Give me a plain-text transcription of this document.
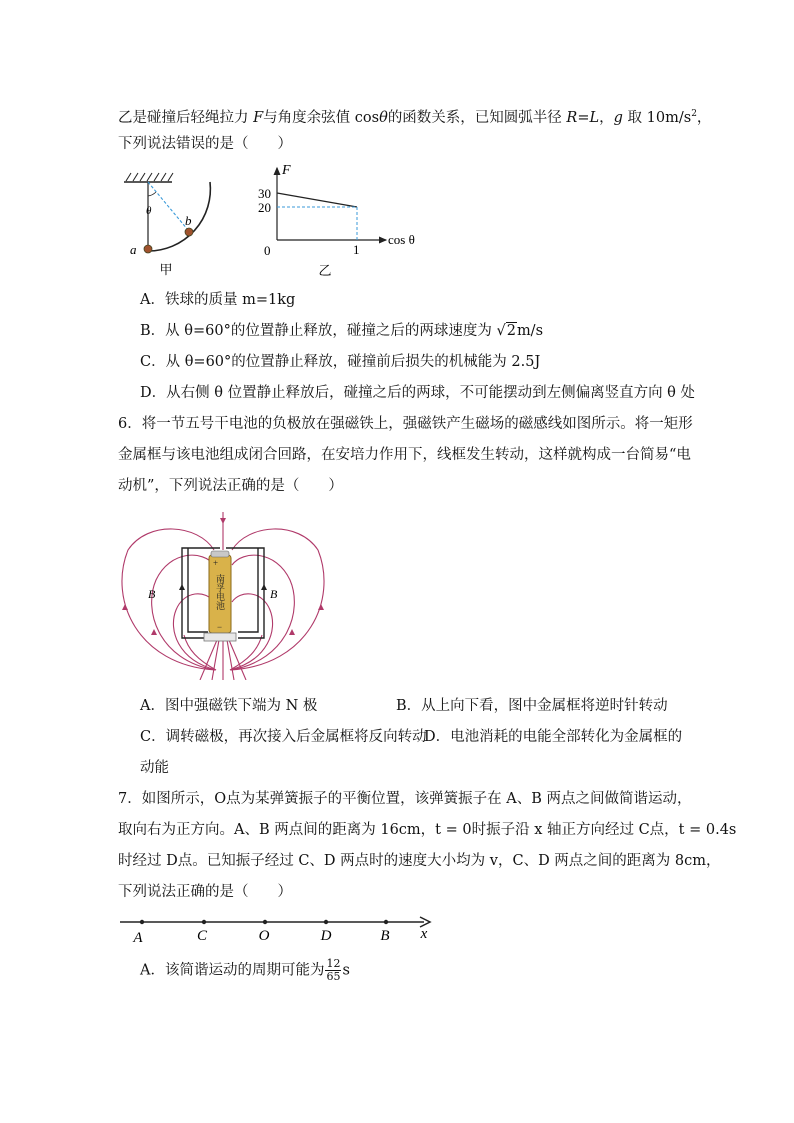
乙是碰撞后轻绳拉力 F与角度余弦值 cosθ的函数关系，已知圆弧半径 R=L，g 取 $10m/s^2$，
下列说法错误的是（　　）
θ
a
b
甲
F
30
20
0	1
cos θ
乙
A．铁球的质量 m=1kg
B．从 θ=60°的位置静止释放，碰撞之后的两球速度为 √2m/s
C．从 θ=60°的位置静止释放，碰撞前后损失的机械能为 2.5J
D．从右侧 θ 位置静止释放后，碰撞之后的两球，不可能摆动到左侧偏离竖直方向 θ 处
6．将一节五号干电池的负极放在强磁铁上，强磁铁产生磁场的磁感线如图所示。将一矩形
金属框与该电池组成闭合回路，在安培力作用下，线框发生转动，这样就构成一台简易“电
动机”，下列说法正确的是（　　）
+
南孚电池
−
B	B
A．图中强磁铁下端为 N 极	B．从上向下看，图中金属框将逆时针转动
C．调转磁极，再次接入后金属框将反向转动
D．电池消耗的电能全部转化为金属框的
动能
7．如图所示，O点为某弹簧振子的平衡位置，该弹簧振子在 A、B 两点之间做简谐运动，
取向右为正方向。A、B 两点间的距离为 16cm，t = 0时振子沿 x 轴正方向经过 C点，t = 0.4s
时经过 D点。已知振子经过 C、D 两点时的速度大小均为 v，C、D 两点之间的距离为 8cm，
下列说法正确的是（　　）
A	C	O	D	B x
A．该简谐运动的周期可能为 $\frac{12}{65}$ s
